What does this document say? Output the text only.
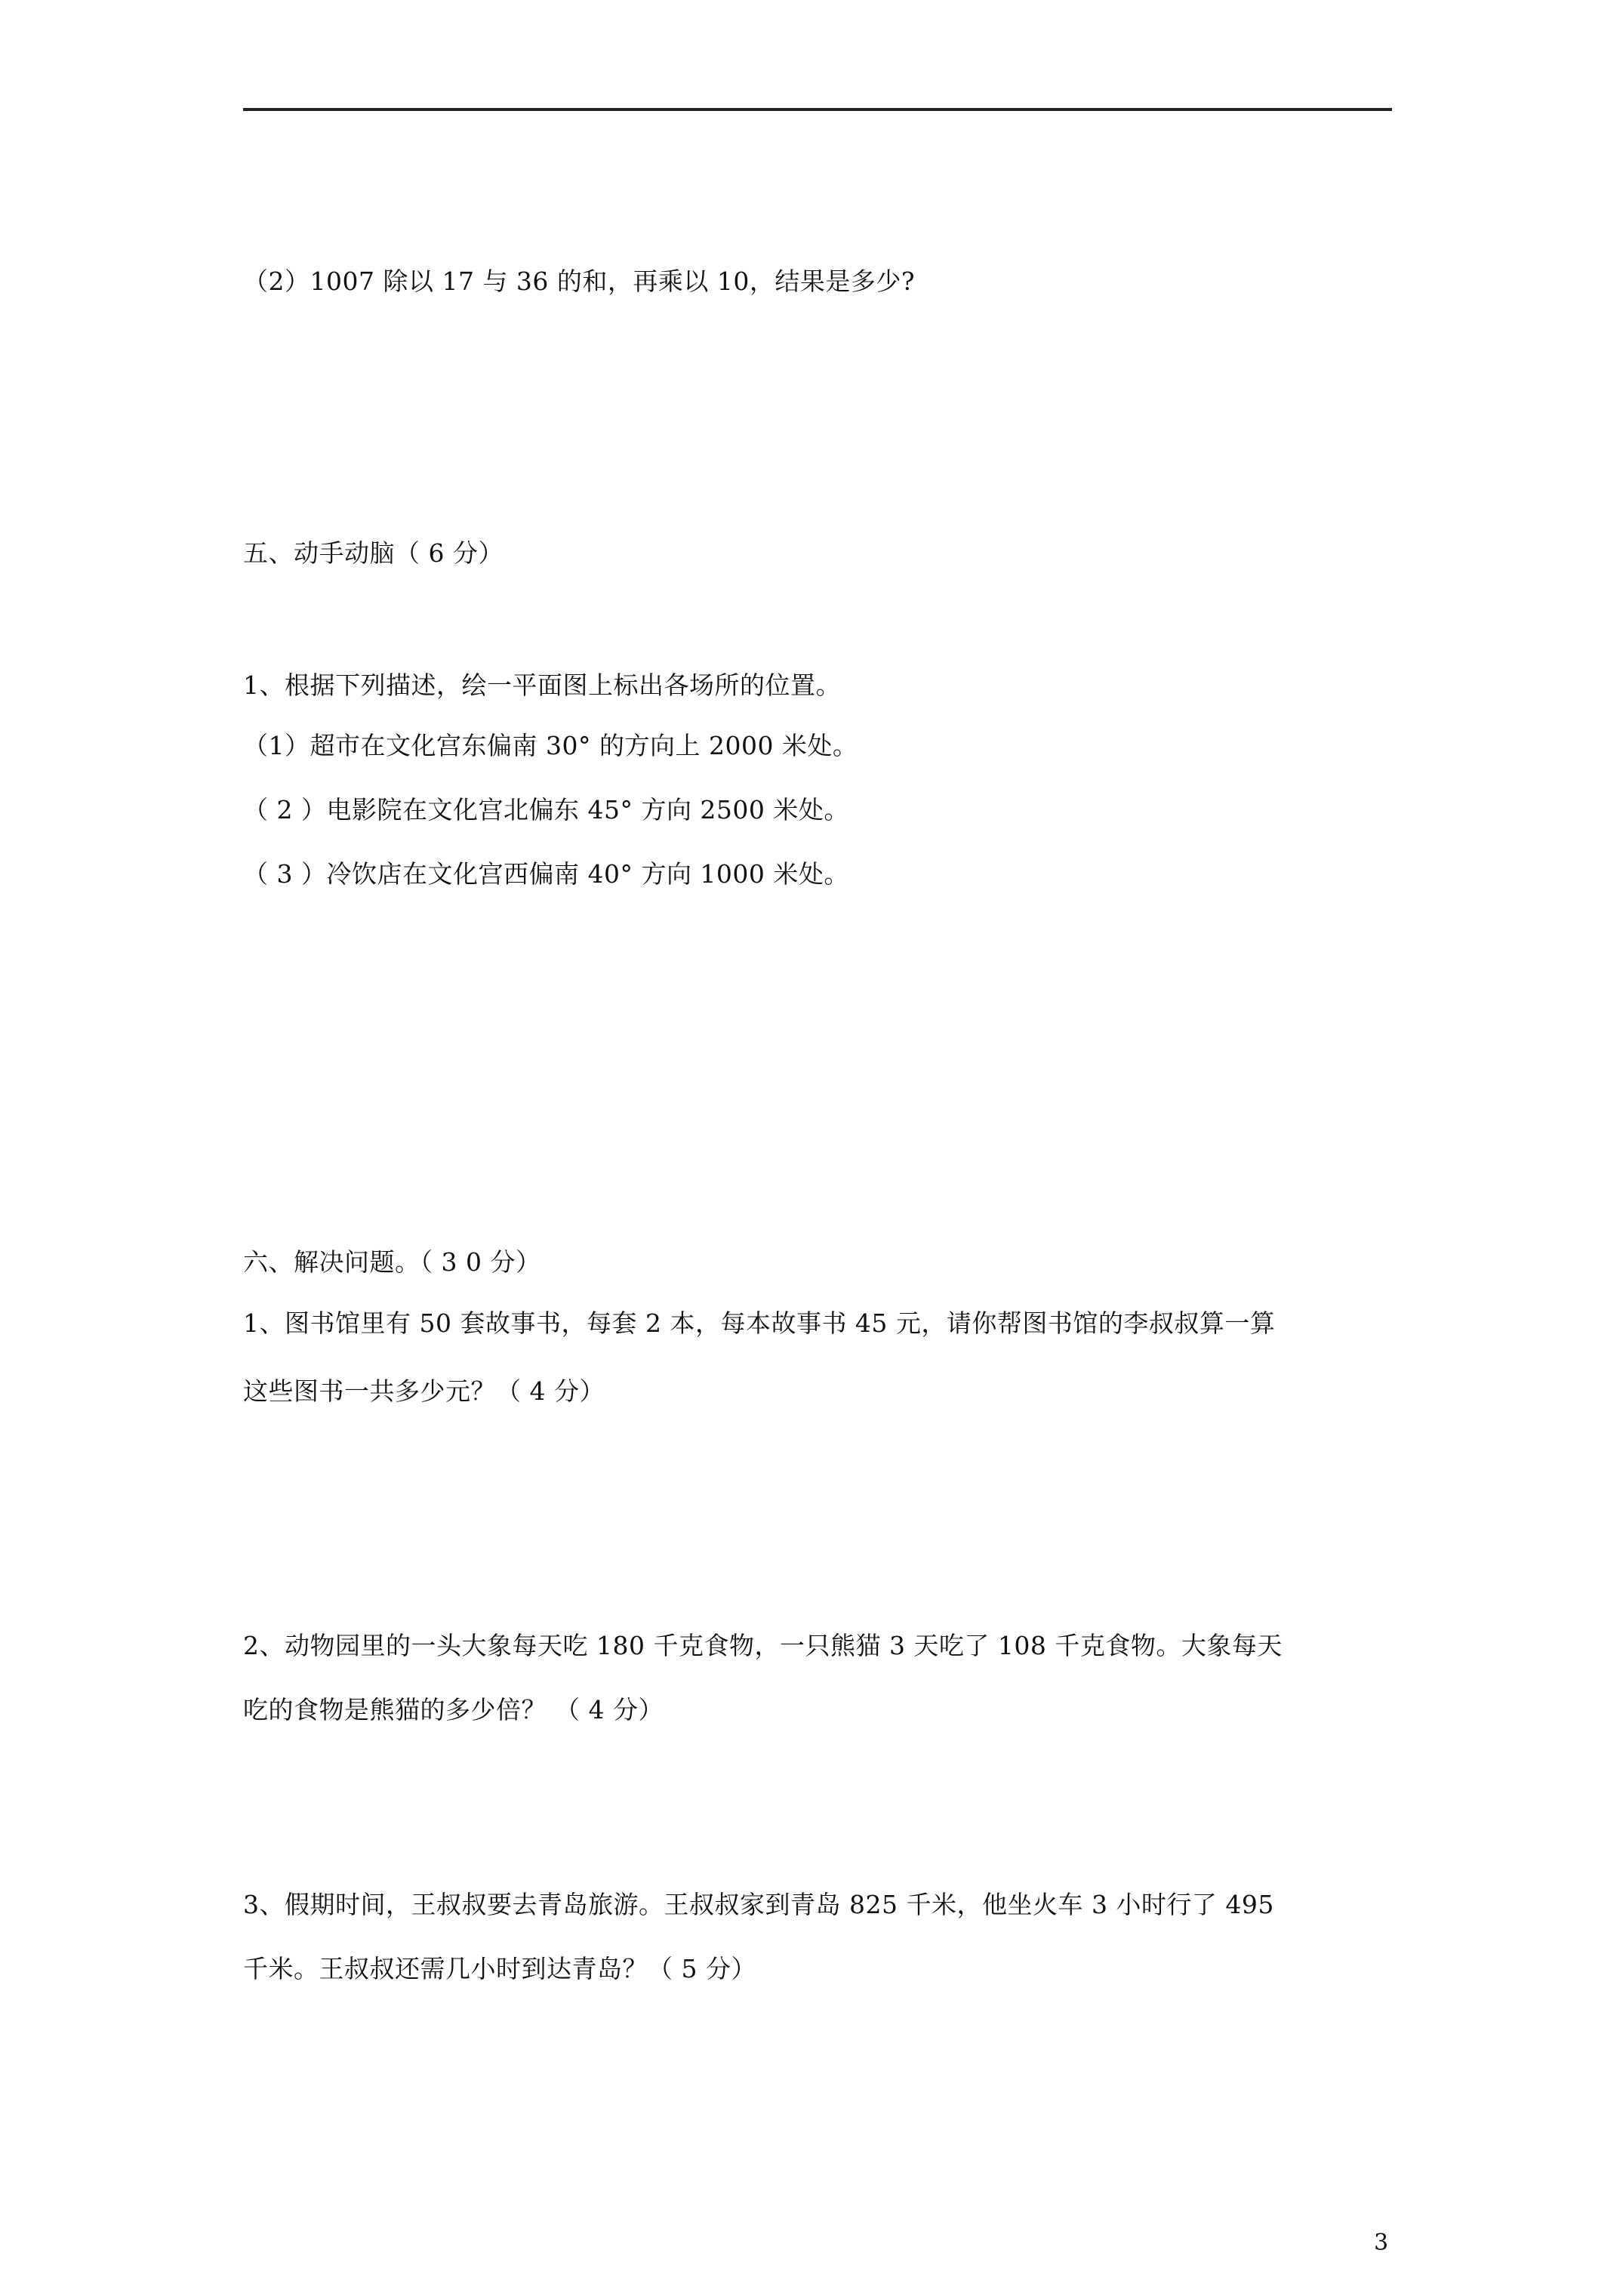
（2）1007 除以 17 与 36 的和，再乘以 10，结果是多少?
五、动手动脑（ 6 分）
1、根据下列描述，绘一平面图上标出各场所的位置。
（1）超市在文化宫东偏南 30° 的方向上 2000 米处。
（ 2 ）电影院在文化宫北偏东 45° 方向 2500 米处。
（ 3 ）冷饮店在文化宫西偏南 40° 方向 1000 米处。
六、解决问题。（ 3 0 分）
1、图书馆里有 50 套故事书，每套 2 本，每本故事书 45 元，请你帮图书馆的李叔叔算一算
这些图书一共多少元？（ 4 分）
2、动物园里的一头大象每天吃 180 千克食物，一只熊猫 3 天吃了 108 千克食物。大象每天
吃的食物是熊猫的多少倍？ （ 4 分）
3、假期时间，王叔叔要去青岛旅游。王叔叔家到青岛 825 千米，他坐火车 3 小时行了 495
千米。王叔叔还需几小时到达青岛？（ 5 分）
3
